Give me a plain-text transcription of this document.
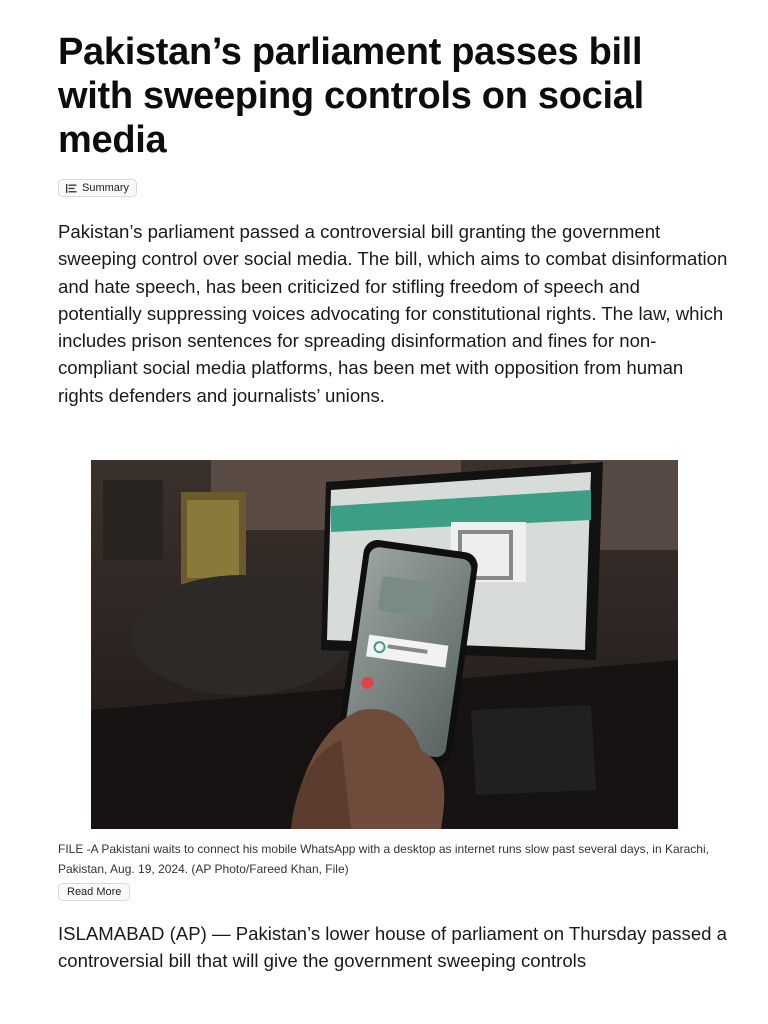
Pakistan’s parliament passes bill with sweeping controls on social media
Summary

Pakistan’s parliament passed a controversial bill granting the government sweeping control over social media. The bill, which aims to combat disinformation and hate speech, has been criticized for stifling freedom of speech and potentially suppressing voices advocating for constitutional rights. The law, which includes prison sentences for spreading disinformation and fines for non-compliant social media platforms, has been met with opposition from human rights defenders and journalists’ unions.

FILE -A Pakistani waits to connect his mobile WhatsApp with a desktop as internet runs slow past several days, in Karachi, Pakistan, Aug. 19, 2024. (AP Photo/Fareed Khan, File)

Read More

ISLAMABAD (AP) — Pakistan’s lower house of parliament on Thursday passed a controversial bill that will give the government sweeping controls
